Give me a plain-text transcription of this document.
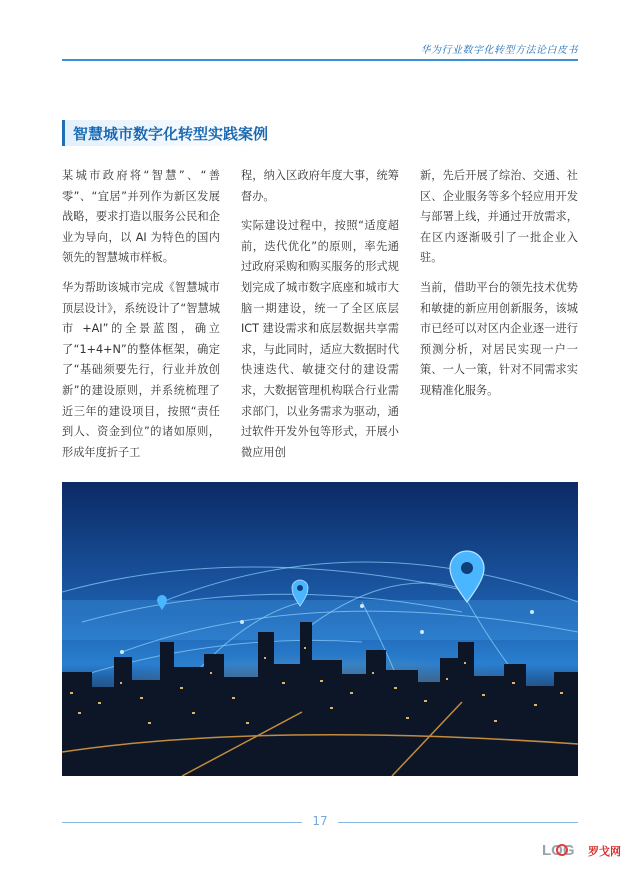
华为行业数字化转型方法论白皮书
智慧城市数字化转型实践案例

某城市政府将“智慧”、“善零”、“宜居”并列作为新区发展战略，要求打造以服务公民和企业为导向，以 AI 为特色的国内领先的智慧城市样板。

华为帮助该城市完成《智慧城市顶层设计》，系统设计了“智慧城市 +AI”的全景蓝图，确立了“1+4+N”的整体框架，确定了“基础须要先行，行业并放创新”的建设原则，并系统梳理了近三年的建设项目，按照“责任到人、资金到位”的诸如原则，形成年度折子工

程，纳入区政府年度大事，统筹督办。

实际建设过程中，按照“适度超前，迭代优化”的原则，率先通过政府采购和购买服务的形式规划完成了城市数字底座和城市大脑一期建设，统一了全区底层 ICT 建设需求和底层数据共享需求，与此同时，适应大数据时代快速迭代、敏捷交付的建设需求，大数据管理机构联合行业需求部门，以业务需求为驱动，通过软件开发外包等形式，开展小微应用创

新，先后开展了综治、交通、社区、企业服务等多个轻应用开发与部署上线，并通过开放需求，在区内逐渐吸引了一批企业入驻。

当前，借助平台的领先技术优势和敏捷的新应用创新服务，该城市已经可以对区内企业逐一进行预测分析，对居民实现一户一策、一人一策，针对不同需求实现精准化服务。

17
LOG 罗戈网
